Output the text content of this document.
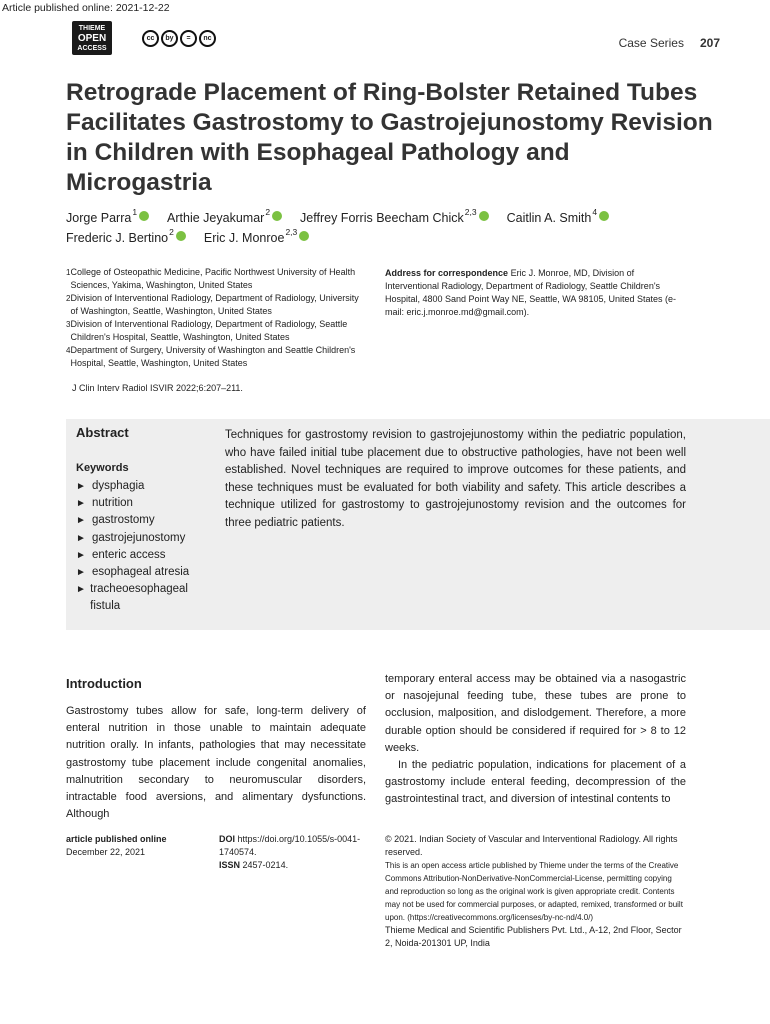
Article published online: 2021-12-22
THIEME
OPEN
ACCESS
cc	by	=	nc	Case Series 207
Retrograde Placement of Ring-Bolster Retained Tubes
Facilitates Gastrostomy to Gastrojejunostomy Revision
in Children with Esophageal Pathology and
Microgastria
Jorge Parra$^1$ Arthie Jeyakumar$^2$ Jeffrey Forris Beecham Chick$^{2,3}$ Caitlin A. Smith$^4$
Frederic J. Bertino$^2$ Eric J. Monroe$^{2,3}$
1 College of Osteopathic Medicine, Pacific Northwest University of Health Sciences, Yakima, Washington, United States
2 Division of Interventional Radiology, Department of Radiology, University of Washington, Seattle, Washington, United States
3 Division of Interventional Radiology, Department of Radiology, Seattle Children's Hospital, Seattle, Washington, United States
4 Department of Surgery, University of Washington and Seattle Children's Hospital, Seattle, Washington, United States
Address for correspondence Eric J. Monroe, MD, Division of Interventional Radiology, Department of Radiology, Seattle Children's Hospital, 4800 Sand Point Way NE, Seattle, WA 98105, United States (e-mail: eric.j.monroe.md@gmail.com).
J Clin Interv Radiol ISVIR 2022;6:207–211.
Abstract
Keywords
► dysphagia
► nutrition
► gastrostomy
► gastrojejunostomy
► enteric access
► esophageal atresia
► tracheoesophageal fistula
Techniques for gastrostomy revision to gastrojejunostomy within the pediatric population, who have failed initial tube placement due to obstructive pathologies, have not been well established. Novel techniques are required to improve outcomes for these patients, and these techniques must be evaluated for both viability and safety. This article describes a technique utilized for gastrostomy to gastrojejunostomy revision and the outcomes for three pediatric patients.
Introduction
Gastrostomy tubes allow for safe, long-term delivery of enteral nutrition in those unable to maintain adequate nutrition orally. In infants, pathologies that may necessitate gastrostomy tube placement include congenital anomalies, malnutrition secondary to neuromuscular disorders, intractable food aversions, and alimentary dysfunctions. Although
temporary enteral access may be obtained via a nasogastric or nasojejunal feeding tube, these tubes are prone to occlusion, malposition, and dislodgement. Therefore, a more durable option should be considered if required for > 8 to 12 weeks.
In the pediatric population, indications for placement of a gastrostomy include enteral feeding, decompression of the gastrointestinal tract, and diversion of intestinal contents to
article published online
December 22, 2021
DOI https://doi.org/10.1055/s-0041-1740574.
ISSN 2457-0214.
© 2021. Indian Society of Vascular and Interventional Radiology. All rights reserved.
This is an open access article published by Thieme under the terms of the Creative Commons Attribution-NonDerivative-NonCommercial-License, permitting copying and reproduction so long as the original work is given appropriate credit. Contents may not be used for commercial purposes, or adapted, remixed, transformed or built upon. (https://creativecommons.org/licenses/by-nc-nd/4.0/)
Thieme Medical and Scientific Publishers Pvt. Ltd., A-12, 2nd Floor, Sector 2, Noida-201301 UP, India
